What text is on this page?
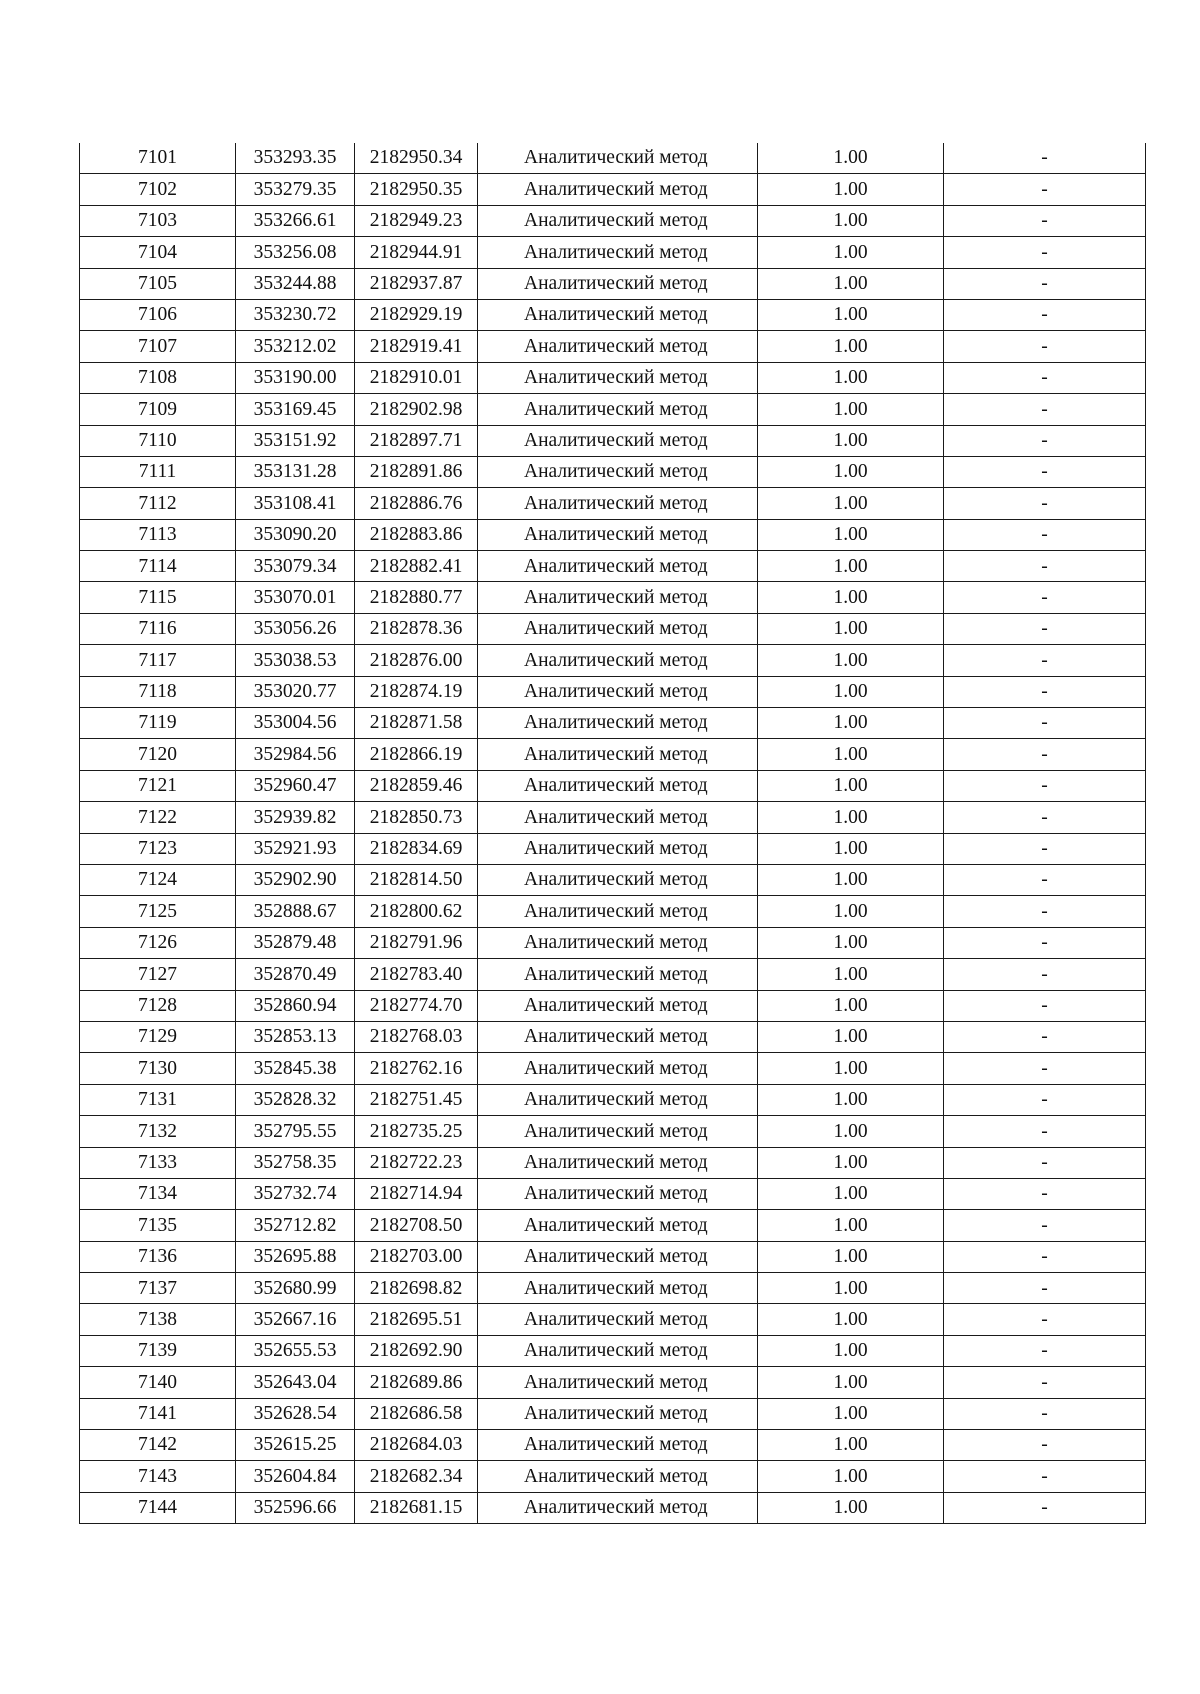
7101	353293.35	2182950.34	Аналитический метод	1.00	-
7102	353279.35	2182950.35	Аналитический метод	1.00	-
7103	353266.61	2182949.23	Аналитический метод	1.00	-
7104	353256.08	2182944.91	Аналитический метод	1.00	-
7105	353244.88	2182937.87	Аналитический метод	1.00	-
7106	353230.72	2182929.19	Аналитический метод	1.00	-
7107	353212.02	2182919.41	Аналитический метод	1.00	-
7108	353190.00	2182910.01	Аналитический метод	1.00	-
7109	353169.45	2182902.98	Аналитический метод	1.00	-
7110	353151.92	2182897.71	Аналитический метод	1.00	-
7111	353131.28	2182891.86	Аналитический метод	1.00	-
7112	353108.41	2182886.76	Аналитический метод	1.00	-
7113	353090.20	2182883.86	Аналитический метод	1.00	-
7114	353079.34	2182882.41	Аналитический метод	1.00	-
7115	353070.01	2182880.77	Аналитический метод	1.00	-
7116	353056.26	2182878.36	Аналитический метод	1.00	-
7117	353038.53	2182876.00	Аналитический метод	1.00	-
7118	353020.77	2182874.19	Аналитический метод	1.00	-
7119	353004.56	2182871.58	Аналитический метод	1.00	-
7120	352984.56	2182866.19	Аналитический метод	1.00	-
7121	352960.47	2182859.46	Аналитический метод	1.00	-
7122	352939.82	2182850.73	Аналитический метод	1.00	-
7123	352921.93	2182834.69	Аналитический метод	1.00	-
7124	352902.90	2182814.50	Аналитический метод	1.00	-
7125	352888.67	2182800.62	Аналитический метод	1.00	-
7126	352879.48	2182791.96	Аналитический метод	1.00	-
7127	352870.49	2182783.40	Аналитический метод	1.00	-
7128	352860.94	2182774.70	Аналитический метод	1.00	-
7129	352853.13	2182768.03	Аналитический метод	1.00	-
7130	352845.38	2182762.16	Аналитический метод	1.00	-
7131	352828.32	2182751.45	Аналитический метод	1.00	-
7132	352795.55	2182735.25	Аналитический метод	1.00	-
7133	352758.35	2182722.23	Аналитический метод	1.00	-
7134	352732.74	2182714.94	Аналитический метод	1.00	-
7135	352712.82	2182708.50	Аналитический метод	1.00	-
7136	352695.88	2182703.00	Аналитический метод	1.00	-
7137	352680.99	2182698.82	Аналитический метод	1.00	-
7138	352667.16	2182695.51	Аналитический метод	1.00	-
7139	352655.53	2182692.90	Аналитический метод	1.00	-
7140	352643.04	2182689.86	Аналитический метод	1.00	-
7141	352628.54	2182686.58	Аналитический метод	1.00	-
7142	352615.25	2182684.03	Аналитический метод	1.00	-
7143	352604.84	2182682.34	Аналитический метод	1.00	-
7144	352596.66	2182681.15	Аналитический метод	1.00	-
